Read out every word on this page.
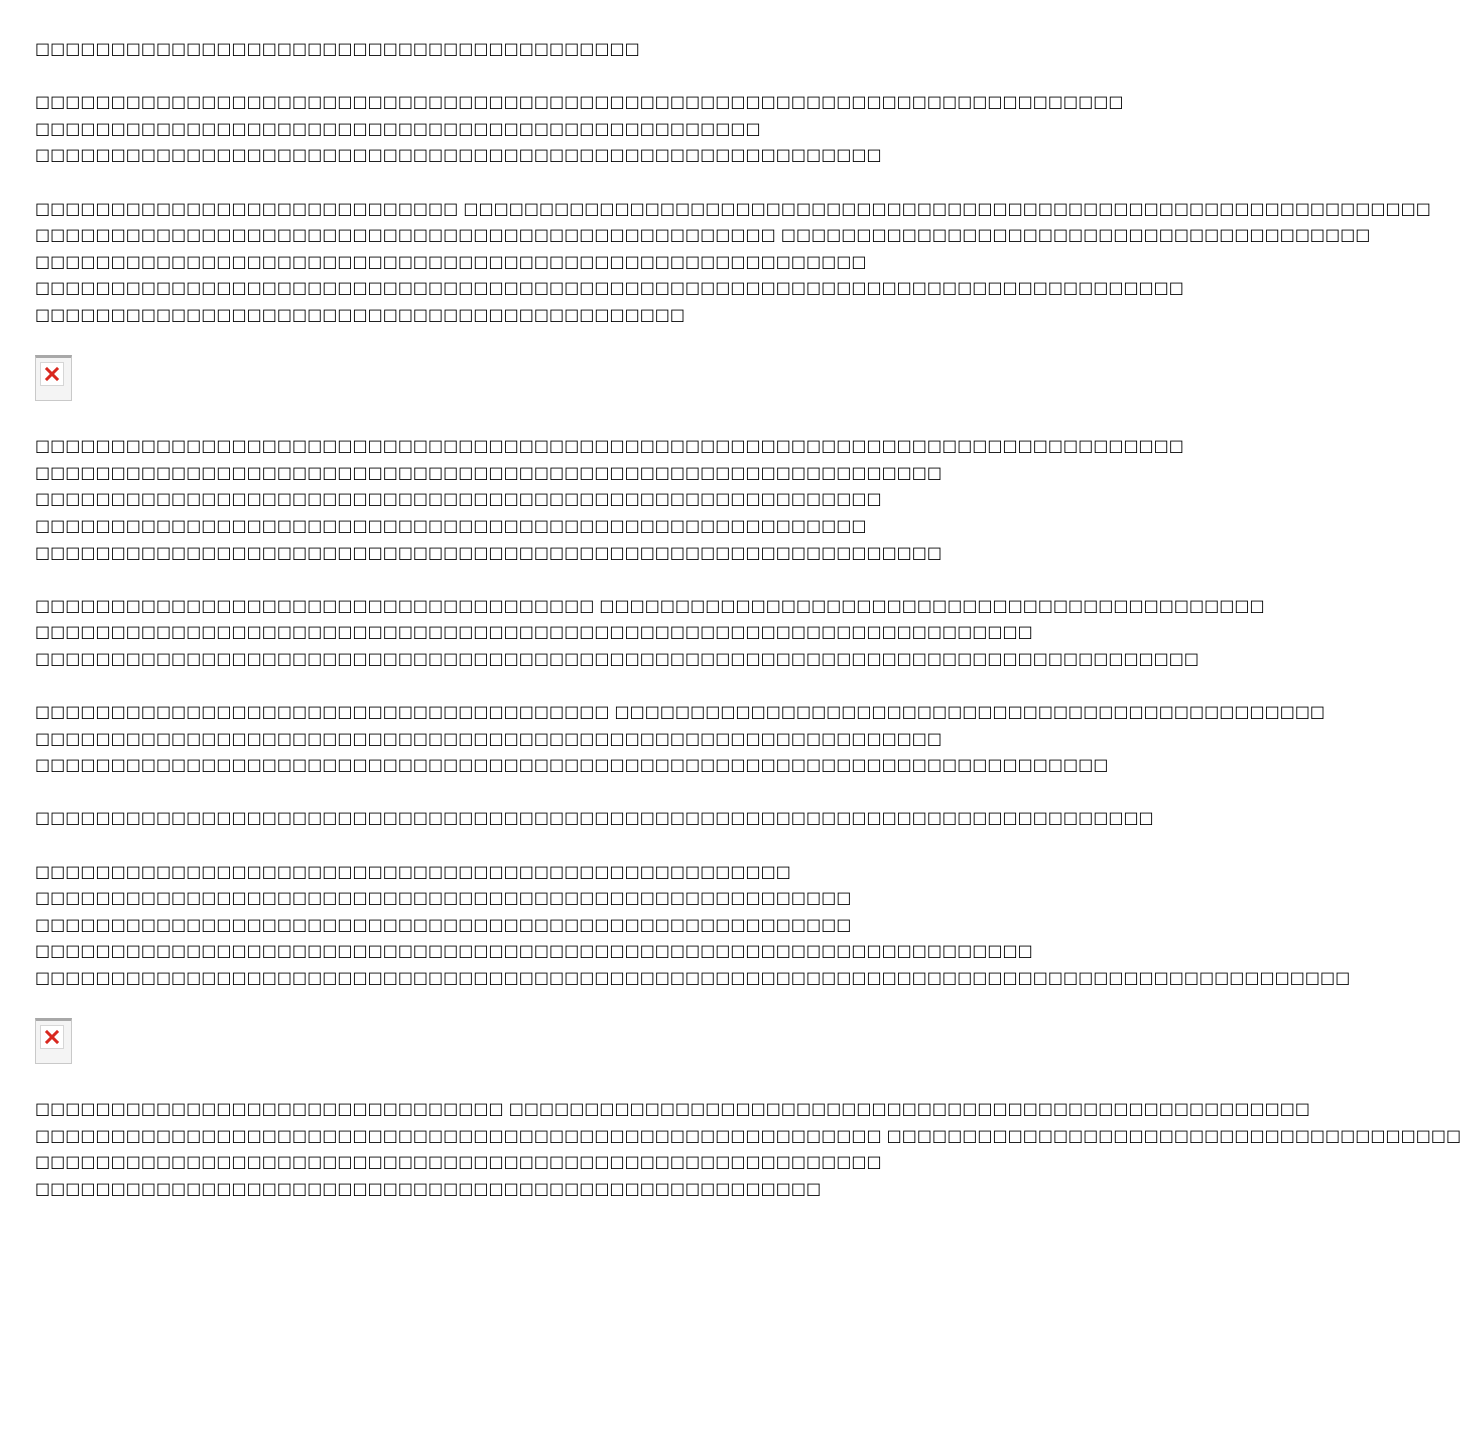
□□□□□□□□□□□□□□□□□□□□□□□□□□□□□□□□□□□□□□□□
□□□□□□□□□□□□□□□□□□□□□□□□□□□□□□□□□□□□□□□□□□□□□□□□□□□□□□□□□□□□□□□□□□□□□□□□
□□□□□□□□□□□□□□□□□□□□□□□□□□□□□□□□□□□□□□□□□□□□□□□□
□□□□□□□□□□□□□□□□□□□□□□□□□□□□□□□□□□□□□□□□□□□□□□□□□□□□□□□□
□□□□□□□□□□□□□□□□□□□□□□□□□□□□ □□□□□□□□□□□□□□□□□□□□□□□□□□□□□□□□□□□□□□□□□□□□□□□□□□□□□□□□□□□□□□□□
□□□□□□□□□□□□□□□□□□□□□□□□□□□□□□□□□□□□□□□□□□□□□□□□□ □□□□□□□□□□□□□□□□□□□□□□□□□□□□□□□□□□□□□□□
□□□□□□□□□□□□□□□□□□□□□□□□□□□□□□□□□□□□□□□□□□□□□□□□□□□□□□□
□□□□□□□□□□□□□□□□□□□□□□□□□□□□□□□□□□□□□□□□□□□□□□□□□□□□□□□□□□□□□□□□□□□□□□□□□□□□
□□□□□□□□□□□□□□□□□□□□□□□□□□□□□□□□□□□□□□□□□□□
□□□□□□□□□□□□□□□□□□□□□□□□□□□□□□□□□□□□□□□□□□□□□□□□□□□□□□□□□□□□□□□□□□□□□□□□□□□□
□□□□□□□□□□□□□□□□□□□□□□□□□□□□□□□□□□□□□□□□□□□□□□□□□□□□□□□□□□□□
□□□□□□□□□□□□□□□□□□□□□□□□□□□□□□□□□□□□□□□□□□□□□□□□□□□□□□□□
□□□□□□□□□□□□□□□□□□□□□□□□□□□□□□□□□□□□□□□□□□□□□□□□□□□□□□□
□□□□□□□□□□□□□□□□□□□□□□□□□□□□□□□□□□□□□□□□□□□□□□□□□□□□□□□□□□□□
□□□□□□□□□□□□□□□□□□□□□□□□□□□□□□□□□□□□□ □□□□□□□□□□□□□□□□□□□□□□□□□□□□□□□□□□□□□□□□□□□□
□□□□□□□□□□□□□□□□□□□□□□□□□□□□□□□□□□□□□□□□□□□□□□□□□□□□□□□□□□□□□□□□□□
□□□□□□□□□□□□□□□□□□□□□□□□□□□□□□□□□□□□□□□□□□□□□□□□□□□□□□□□□□□□□□□□□□□□□□□□□□□□□
□□□□□□□□□□□□□□□□□□□□□□□□□□□□□□□□□□□□□□ □□□□□□□□□□□□□□□□□□□□□□□□□□□□□□□□□□□□□□□□□□□□□□□
□□□□□□□□□□□□□□□□□□□□□□□□□□□□□□□□□□□□□□□□□□□□□□□□□□□□□□□□□□□□
□□□□□□□□□□□□□□□□□□□□□□□□□□□□□□□□□□□□□□□□□□□□□□□□□□□□□□□□□□□□□□□□□□□□□□□
□□□□□□□□□□□□□□□□□□□□□□□□□□□□□□□□□□□□□□□□□□□□□□□□□□□□□□□□□□□□□□□□□□□□□□□□□□
□□□□□□□□□□□□□□□□□□□□□□□□□□□□□□□□□□□□□□□□□□□□□□□□□□
□□□□□□□□□□□□□□□□□□□□□□□□□□□□□□□□□□□□□□□□□□□□□□□□□□□□□□
□□□□□□□□□□□□□□□□□□□□□□□□□□□□□□□□□□□□□□□□□□□□□□□□□□□□□□
□□□□□□□□□□□□□□□□□□□□□□□□□□□□□□□□□□□□□□□□□□□□□□□□□□□□□□□□□□□□□□□□□□
□□□□□□□□□□□□□□□□□□□□□□□□□□□□□□□□□□□□□□□□□□□□□□□□□□□□□□□□□□□□□□□□□□□□□□□□□□□□□□□□□□□□□□□
□□□□□□□□□□□□□□□□□□□□□□□□□□□□□□□ □□□□□□□□□□□□□□□□□□□□□□□□□□□□□□□□□□□□□□□□□□□□□□□□□□□□□
□□□□□□□□□□□□□□□□□□□□□□□□□□□□□□□□□□□□□□□□□□□□□□□□□□□□□□□□ □□□□□□□□□□□□□□□□□□□□□□□□□□□□□□□□□□□□□□
□□□□□□□□□□□□□□□□□□□□□□□□□□□□□□□□□□□□□□□□□□□□□□□□□□□□□□□□
□□□□□□□□□□□□□□□□□□□□□□□□□□□□□□□□□□□□□□□□□□□□□□□□□□□□
